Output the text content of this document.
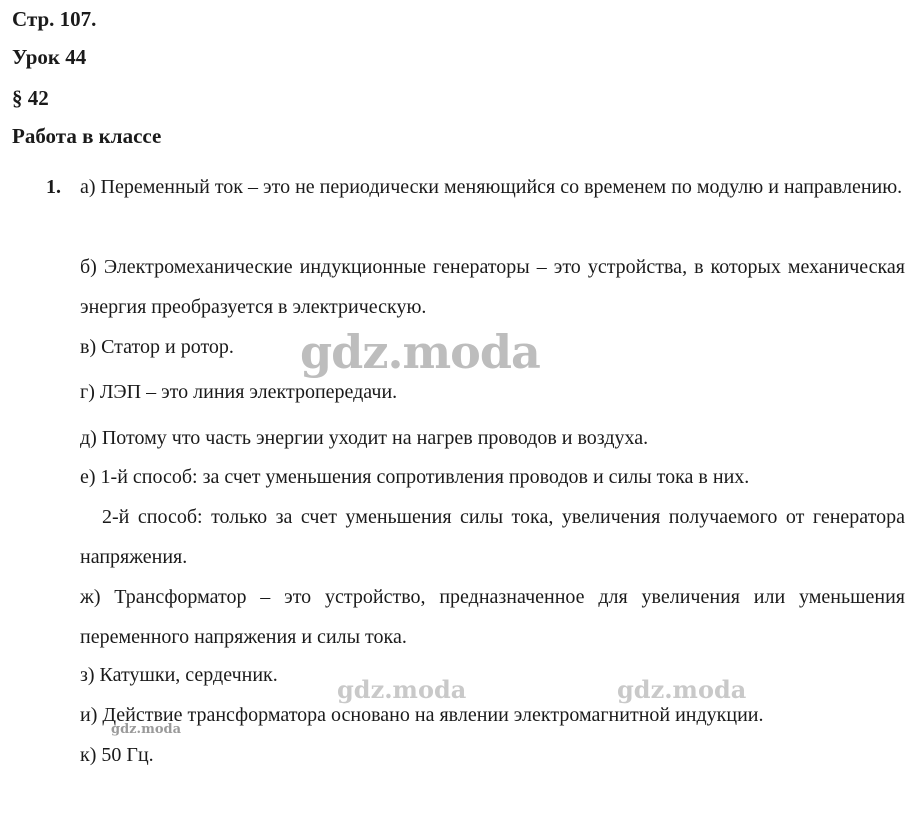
Стр. 107.
Урок 44
§ 42
Работа в классе
1. а) Переменный ток – это не периодически меняющийся со временем по модулю и направлению.
б) Электромеханические индукционные генераторы – это устройства, в которых механическая энергия преобразуется в электрическую.
в) Статор и ротор.
г) ЛЭП – это линия электропередачи.
д) Потому что часть энергии уходит на нагрев проводов и воздуха.
е) 1-й способ: за счет уменьшения сопротивления проводов и силы тока в них.
2-й способ: только за счет уменьшения силы тока, увеличения получаемого от генератора напряжения.
ж) Трансформатор – это устройство, предназначенное для увеличения или уменьшения переменного напряжения и силы тока.
з) Катушки, сердечник.
и) Действие трансформатора основано на явлении электромагнитной индукции.
к) 50 Гц.
gdz.moda
gdz.moda	gdz.moda
gdz.moda
